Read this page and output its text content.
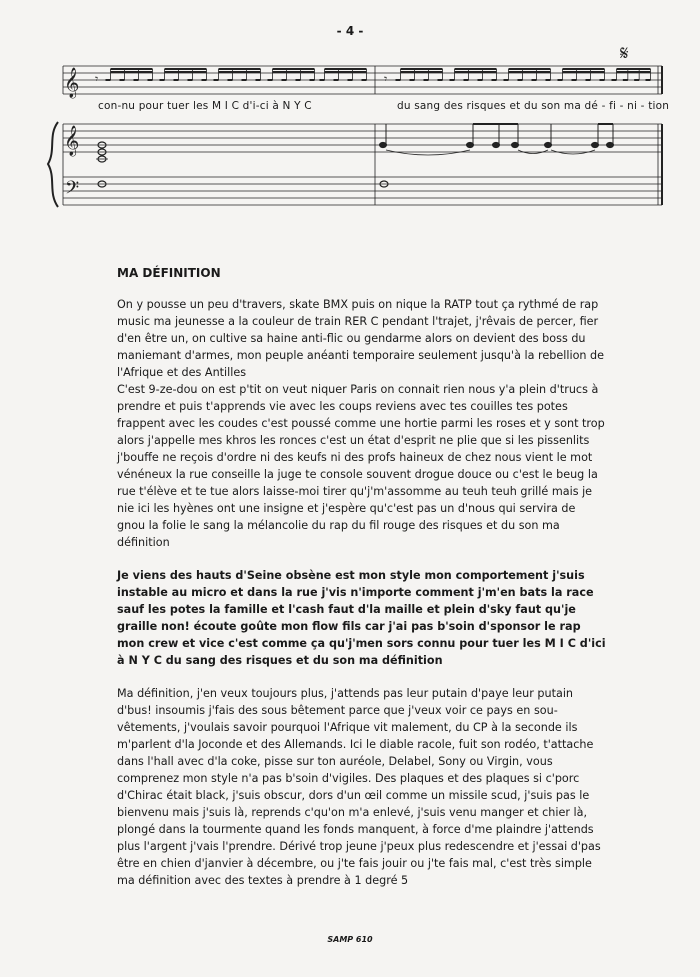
- 4 -
𝄞
𝄞
𝄢
𝄾	𝄾
𝄋
con-nu pour tuer les M I C d'i-ci à N Y C	du sang des risques et du son ma dé - fi - ni - tion
MA DÉFINITION

On y pousse un peu d'travers, skate BMX puis on nique la RATP tout ça rythmé de rap music ma jeunesse a la couleur de train RER C pendant l'trajet, j'rêvais de percer, fier d'en être un, on cultive sa haine anti-flic ou gendarme alors on devient des boss du maniemant d'armes, mon peuple anéanti temporaire seulement jusqu'à la rebellion de l'Afrique et des Antilles

C'est 9-ze-dou on est p'tit on veut niquer Paris on connait rien nous y'a plein d'trucs à prendre et puis t'apprends vie avec les coups reviens avec tes couilles tes potes frappent avec les coudes c'est poussé comme une hortie parmi les roses et y sont trop alors j'appelle mes khros les ronces c'est un état d'esprit ne plie que si les pissenlits j'bouffe ne reçois d'ordre ni des keufs ni des profs haineux de chez nous vient le mot vénéneux la rue conseille la juge te console souvent drogue douce ou c'est le beug la rue t'élève et te tue alors laisse-moi tirer qu'j'm'assomme au teuh teuh grillé mais je nie ici les hyènes ont une insigne et j'espère qu'c'est pas un d'nous qui servira de gnou la folie le sang la mélancolie du rap du fil rouge des risques et du son ma définition

Je viens des hauts d'Seine obsène est mon style mon comportement j'suis instable au micro et dans la rue j'vis n'importe comment j'm'en bats la race sauf les potes la famille et l'cash faut d'la maille et plein d'sky faut qu'je graille non! écoute goûte mon flow fils car j'ai pas b'soin d'sponsor le rap mon crew et vice c'est comme ça qu'j'men sors connu pour tuer les M I C d'ici à N Y C du sang des risques et du son ma définition

Ma définition, j'en veux toujours plus, j'attends pas leur putain d'paye leur putain d'bus! insoumis j'fais des sous bêtement parce que j'veux voir ce pays en sou-vêtements, j'voulais savoir pourquoi l'Afrique vit malement, du CP à la seconde ils m'parlent d'la Joconde et des Allemands. Ici le diable racole, fuit son rodéo, t'attache dans l'hall avec d'la coke, pisse sur ton auréole, Delabel, Sony ou Virgin, vous comprenez mon style n'a pas b'soin d'vigiles. Des plaques et des plaques si c'porc d'Chirac était black, j'suis obscur, dors d'un œil comme un missile scud, j'suis pas le bienvenu mais j'suis là, reprends c'qu'on m'a enlevé, j'suis venu manger et chier là, plongé dans la tourmente quand les fonds manquent, à force d'me plaindre j'attends plus l'argent j'vais l'prendre. Dérivé trop jeune j'peux plus redescendre et j'essai d'pas être en chien d'janvier à décembre, ou j'te fais jouir ou j'te fais mal, c'est très simple ma définition avec des textes à prendre à 1 degré 5

SAMP 610
